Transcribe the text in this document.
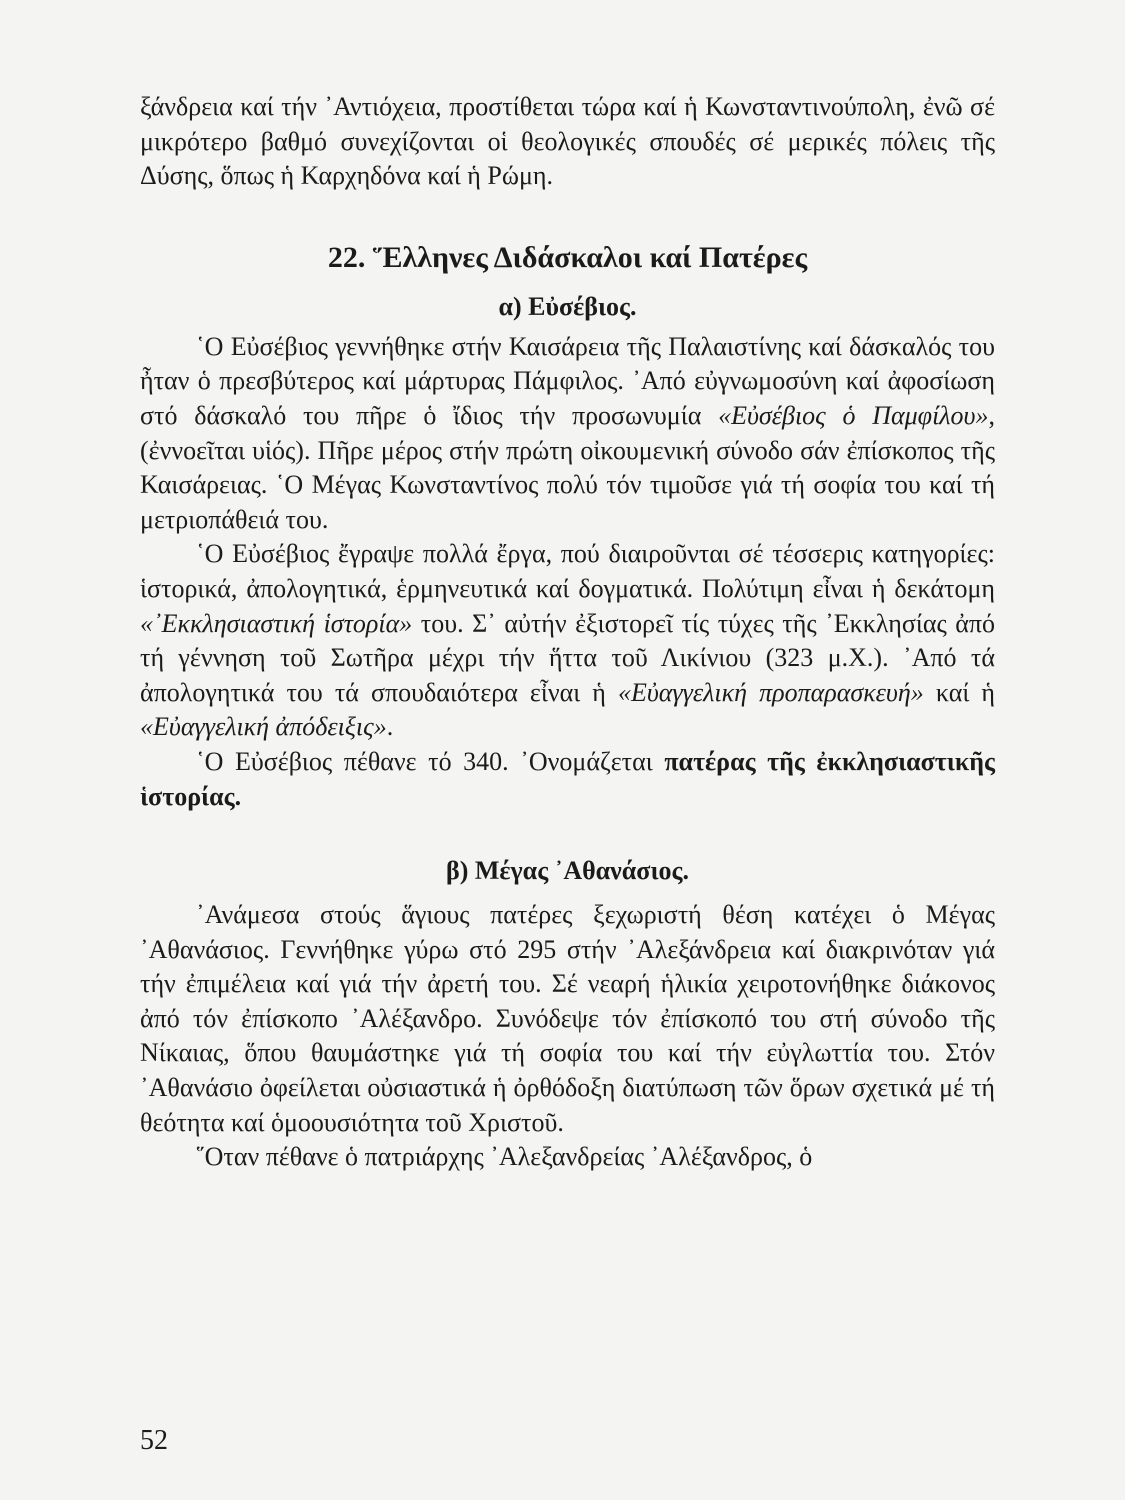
ξάνδρεια καί τήν ᾿Αντιόχεια, προστίθεται τώρα καί ἡ Κωνσταντινούπολη, ἐνῶ σέ μικρότερο βαθμό συνεχίζονται οἱ θεολογικές σπουδές σέ μερικές πόλεις τῆς Δύσης, ὅπως ἡ Καρχηδόνα καί ἡ Ρώμη.

22. Ἕλληνες Διδάσκαλοι καί Πατέρες
α) Εὐσέβιος.

῾Ο Εὐσέβιος γεννήθηκε στήν Καισάρεια τῆς Παλαιστίνης καί δάσκαλός του ἦταν ὁ πρεσβύτερος καί μάρτυρας Πάμφιλος. ᾿Από εὐγνωμοσύνη καί ἀφοσίωση στό δάσκαλό του πῆρε ὁ ἴδιος τήν προσωνυμία «Εὐσέβιος ὁ Παμφίλου», (ἐννοεῖται υἱός). Πῆρε μέρος στήν πρώτη οἰκουμενική σύνοδο σάν ἐπίσκοπος τῆς Καισάρειας. ῾Ο Μέγας Κωνσταντίνος πολύ τόν τιμοῦσε γιά τή σοφία του καί τή μετριοπάθειά του.

῾Ο Εὐσέβιος ἔγραψε πολλά ἔργα, πού διαιροῦνται σέ τέσσερις κατηγορίες: ἱστορικά, ἀπολογητικά, ἑρμηνευτικά καί δογματικά. Πολύτιμη εἶναι ἡ δεκάτομη «᾿Εκκλησιαστική ἱστορία» του. Σ᾿ αὐτήν ἐξιστορεῖ τίς τύχες τῆς ᾿Εκκλησίας ἀπό τή γέννηση τοῦ Σωτῆρα μέχρι τήν ἥττα τοῦ Λικίνιου (323 μ.Χ.). ᾿Από τά ἀπολογητικά του τά σπουδαιότερα εἶναι ἡ «Εὐαγγελική προπαρασκευή» καί ἡ «Εὐαγγελική ἀπόδειξις».

῾Ο Εὐσέβιος πέθανε τό 340. ᾿Ονομάζεται πατέρας τῆς ἐκκλησιαστικῆς ἱστορίας.

β) Μέγας ᾿Αθανάσιος.

᾿Ανάμεσα στούς ἅγιους πατέρες ξεχωριστή θέση κατέχει ὁ Μέγας ᾿Αθανάσιος. Γεννήθηκε γύρω στό 295 στήν ᾿Αλεξάνδρεια καί διακρινόταν γιά τήν ἐπιμέλεια καί γιά τήν ἀρετή του. Σέ νεαρή ἡλικία χειροτονήθηκε διάκονος ἀπό τόν ἐπίσκοπο ᾿Αλέξανδρο. Συνόδεψε τόν ἐπίσκοπό του στή σύνοδο τῆς Νίκαιας, ὅπου θαυμάστηκε γιά τή σοφία του καί τήν εὐγλωττία του. Στόν ᾿Αθανάσιο ὀφείλεται οὐσιαστικά ἡ ὀρθόδοξη διατύπωση τῶν ὅρων σχετικά μέ τή θεότητα καί ὁμοουσιότητα τοῦ Χριστοῦ.

῞Οταν πέθανε ὁ πατριάρχης ᾿Αλεξανδρείας ᾿Αλέξανδρος, ὁ

52
